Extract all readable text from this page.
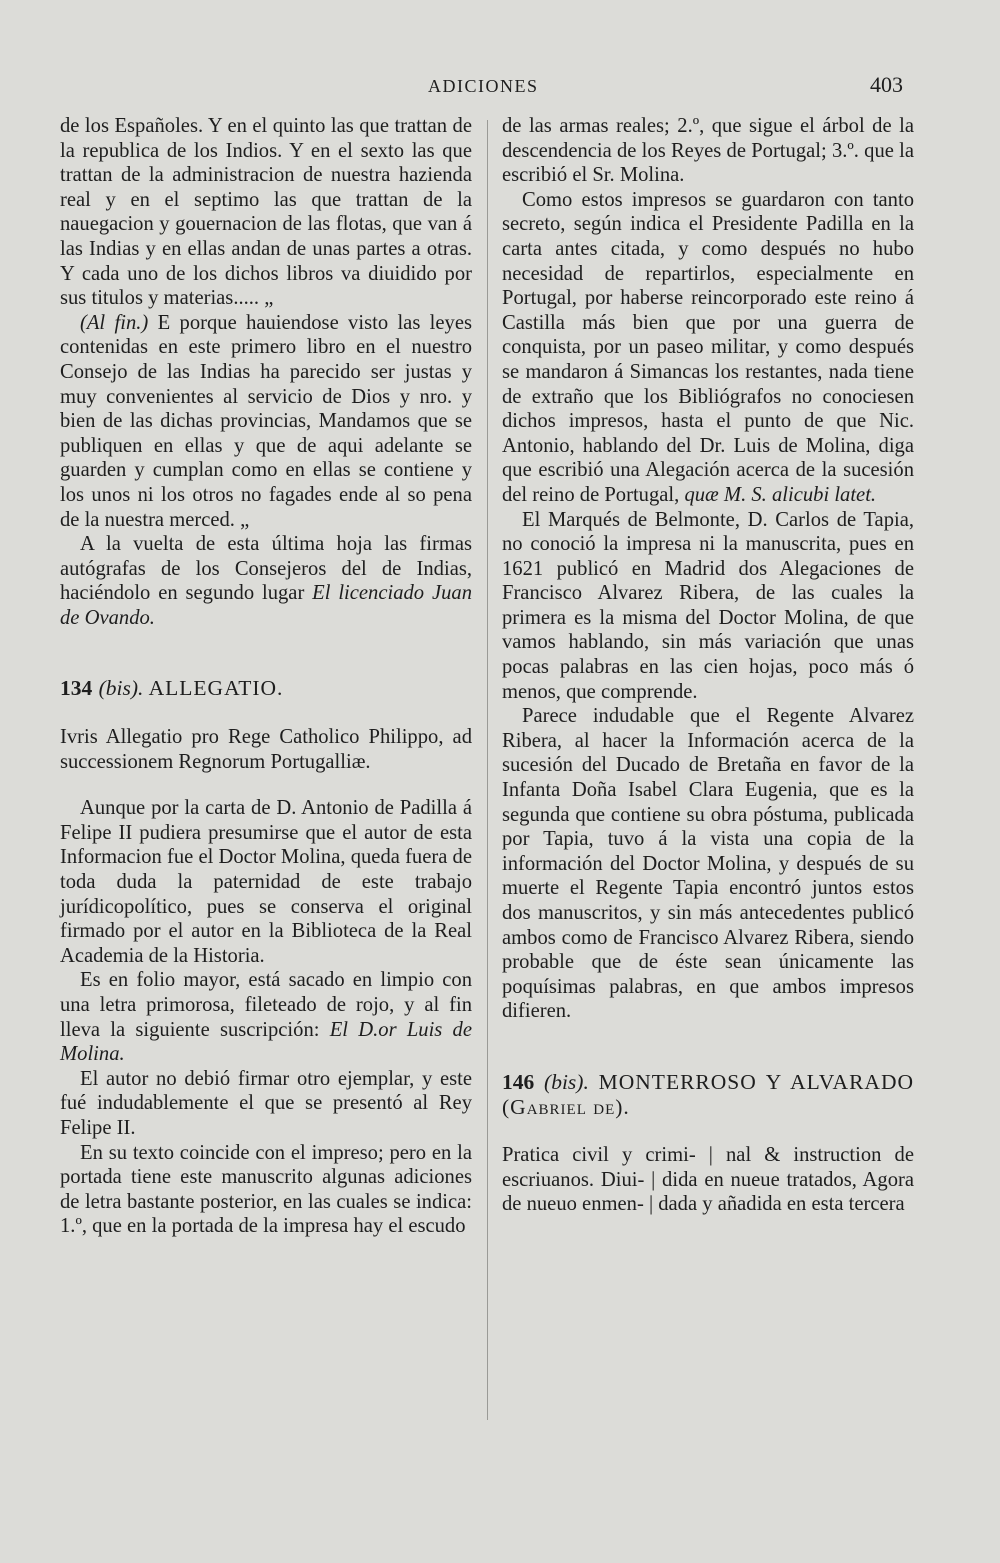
ADICIONES	403

de los Españoles. Y en el quinto las que trattan de la republica de los Indios. Y en el sexto las que trattan de la administracion de nuestra hazienda real y en el septimo las que trattan de la nauegacion y gouernacion de las flotas, que van á las Indias y en ellas andan de unas partes a otras. Y cada uno de los dichos libros va diuidido por sus titulos y materias..... „

(Al fin.) E porque hauiendose visto las leyes contenidas en este primero libro en el nuestro Consejo de las Indias ha parecido ser justas y muy convenientes al servicio de Dios y nro. y bien de las dichas provincias, Mandamos que se publiquen en ellas y que de aqui adelante se guarden y cumplan como en ellas se contiene y los unos ni los otros no fagades ende al so pena de la nuestra merced. „

A la vuelta de esta última hoja las firmas autógrafas de los Consejeros del de Indias, haciéndolo en segundo lugar El licenciado Juan de Ovando.

134 (bis). ALLEGATIO.

Ivris Allegatio pro Rege Catholico Philippo, ad successionem Regnorum Portugalliæ.

Aunque por la carta de D. Antonio de Padilla á Felipe II pudiera presumirse que el autor de esta Informacion fue el Doctor Molina, queda fuera de toda duda la paternidad de este trabajo jurídicopolítico, pues se conserva el original firmado por el autor en la Biblioteca de la Real Academia de la Historia.

Es en folio mayor, está sacado en limpio con una letra primorosa, fileteado de rojo, y al fin lleva la siguiente suscripción: El D.or Luis de Molina.

El autor no debió firmar otro ejemplar, y este fué indudablemente el que se presentó al Rey Felipe II.

En su texto coincide con el impreso; pero en la portada tiene este manuscrito algunas adiciones de letra bastante posterior, en las cuales se indica: 1.º, que en la portada de la impresa hay el escudo

de las armas reales; 2.º, que sigue el árbol de la descendencia de los Reyes de Portugal; 3.º. que la escribió el Sr. Molina.

Como estos impresos se guardaron con tanto secreto, según indica el Presidente Padilla en la carta antes citada, y como después no hubo necesidad de repartirlos, especialmente en Portugal, por haberse reincorporado este reino á Castilla más bien que por una guerra de conquista, por un paseo militar, y como después se mandaron á Simancas los restantes, nada tiene de extraño que los Bibliógrafos no conociesen dichos impresos, hasta el punto de que Nic. Antonio, hablando del Dr. Luis de Molina, diga que escribió una Alegación acerca de la sucesión del reino de Portugal, quæ M. S. alicubi latet.

El Marqués de Belmonte, D. Carlos de Tapia, no conoció la impresa ni la manuscrita, pues en 1621 publicó en Madrid dos Alegaciones de Francisco Alvarez Ribera, de las cuales la primera es la misma del Doctor Molina, de que vamos hablando, sin más variación que unas pocas palabras en las cien hojas, poco más ó menos, que comprende.

Parece indudable que el Regente Alvarez Ribera, al hacer la Información acerca de la sucesión del Ducado de Bretaña en favor de la Infanta Doña Isabel Clara Eugenia, que es la segunda que contiene su obra póstuma, publicada por Tapia, tuvo á la vista una copia de la información del Doctor Molina, y después de su muerte el Regente Tapia encontró juntos estos dos manuscritos, y sin más antecedentes publicó ambos como de Francisco Alvarez Ribera, siendo probable que de éste sean únicamente las poquísimas palabras, en que ambos impresos difieren.

146 (bis). MONTERROSO Y ALVARADO (Gabriel de).

Pratica civil y crimi- | nal & instruction de escriuanos. Diui- | dida en nueue tratados, Agora de nueuo enmen- | dada y añadida en esta tercera
